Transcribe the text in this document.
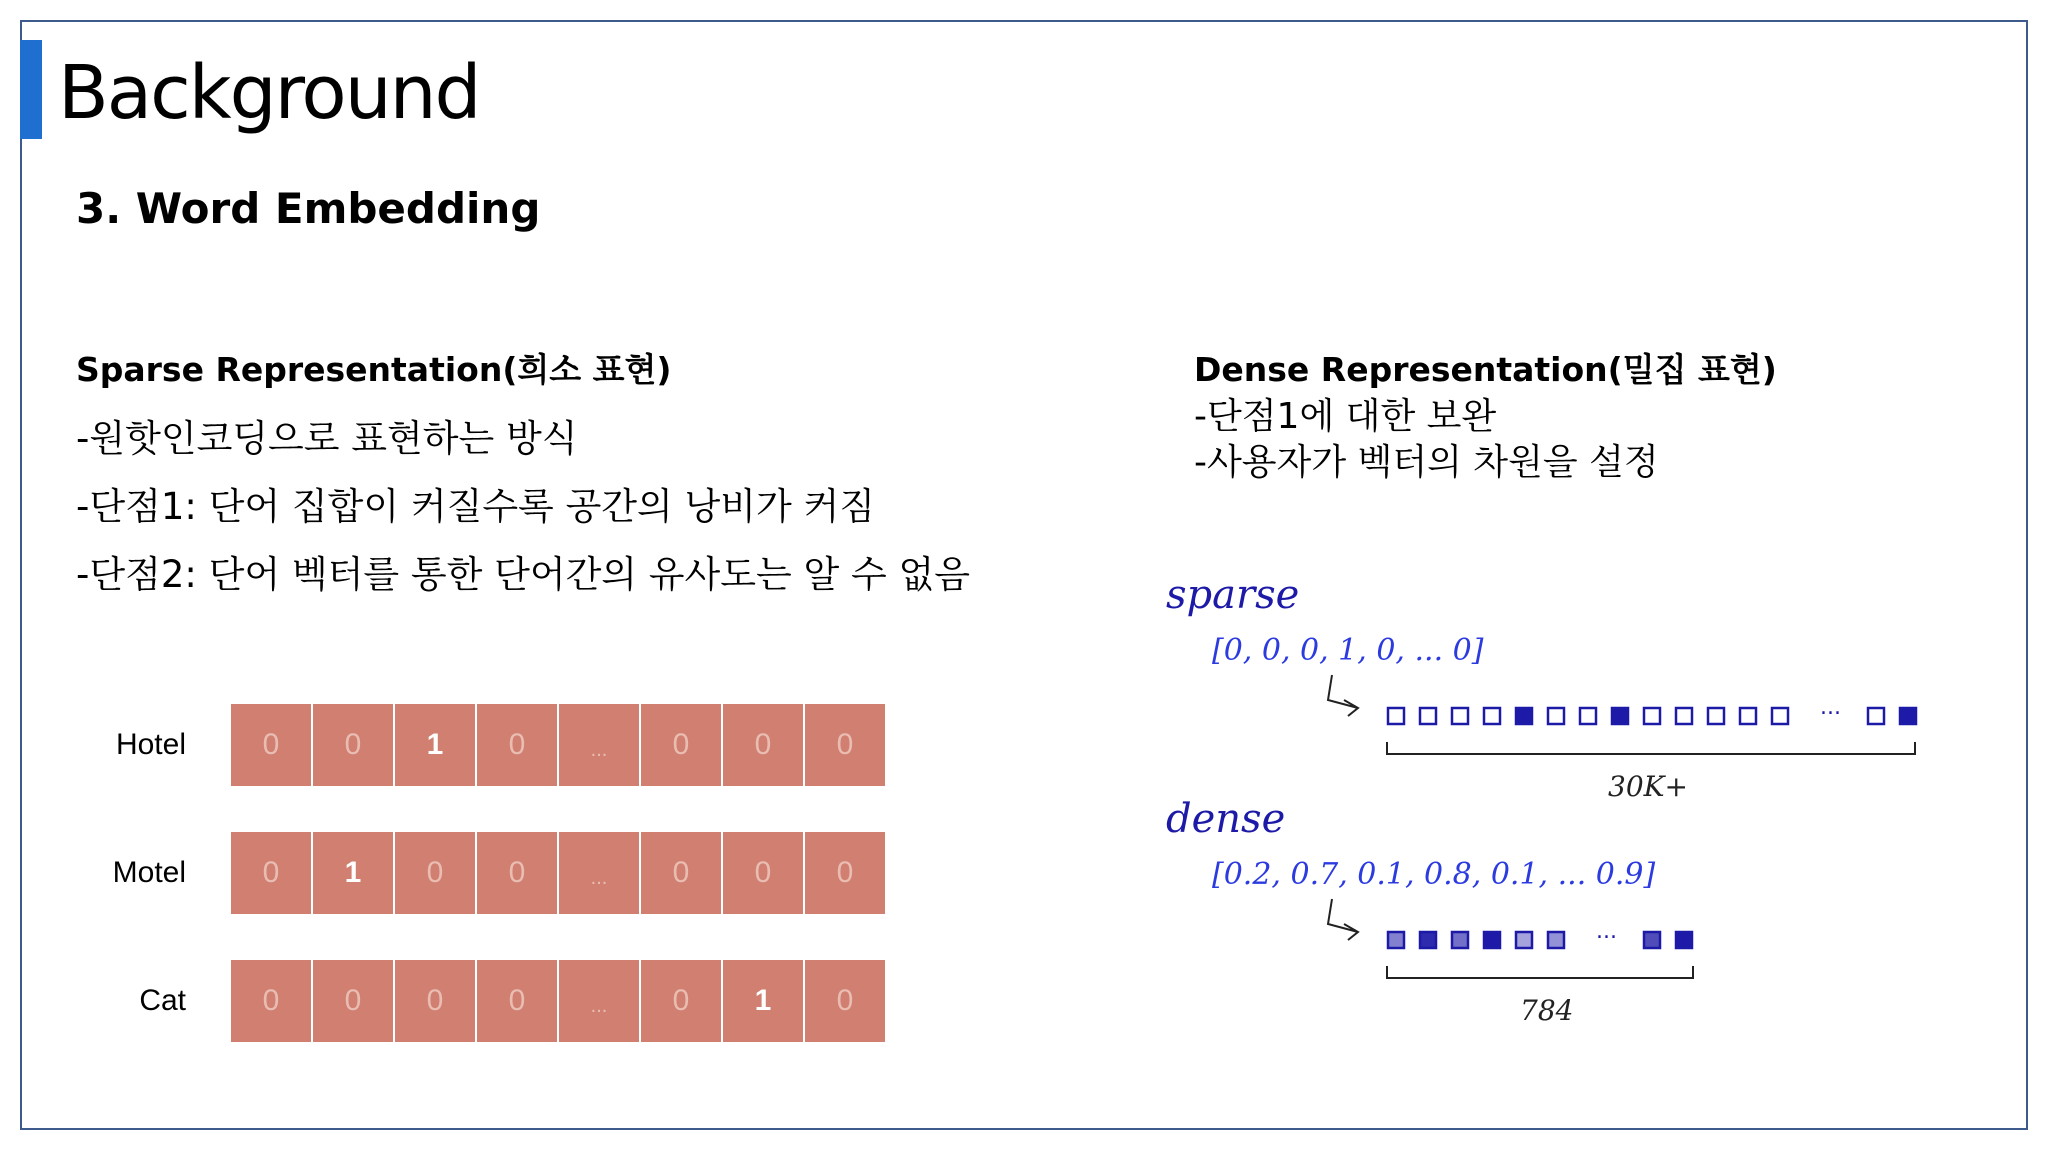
Background
3. Word Embedding
Sparse Representation(희소 표현)
-원핫인코딩으로 표현하는 방식
-단점1: 단어 집합이 커질수록 공간의 낭비가 커짐
-단점2: 단어 벡터를 통한 단어간의 유사도는 알 수 없음
Dense Representation(밀집 표현)
-단점1에 대한 보완
-사용자가 벡터의 차원을 설정
Hotel	0	0	1	0	...	0	0	0
Motel	0	1	0	0	...	0	0	0
Cat	0	0	0	0	...	0	1	0
sparse
[0, 0, 0, 1, 0, ... 0]
...
30K+
dense
[0.2, 0.7, 0.1, 0.8, 0.1, ... 0.9]
...
784
